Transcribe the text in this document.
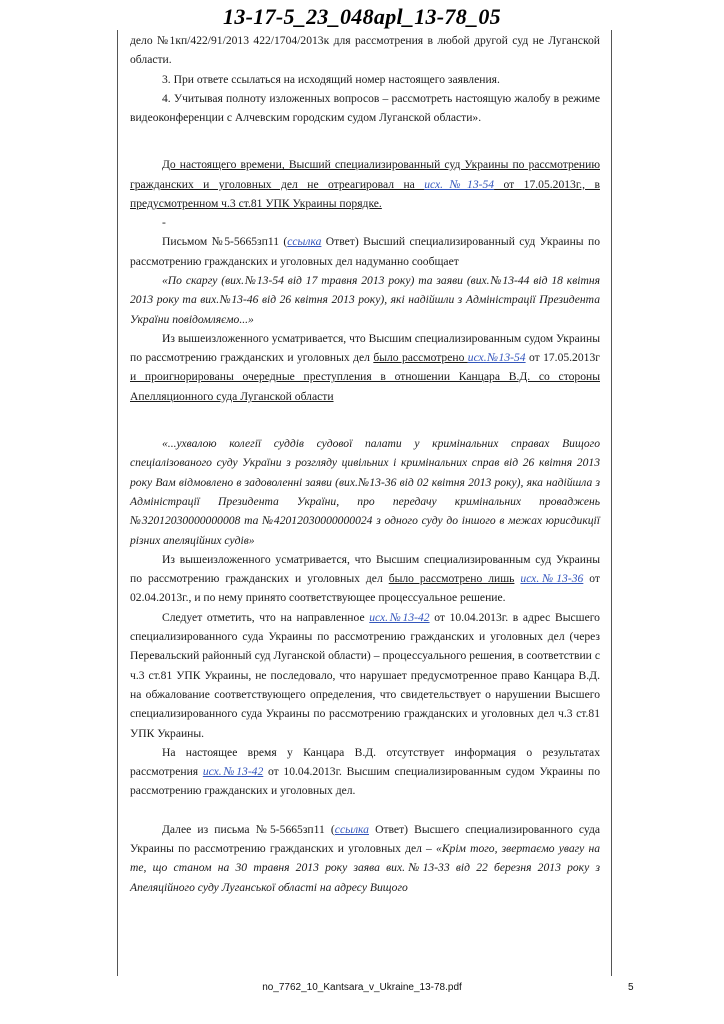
13-17-5_23_048apl_13-78_05

дело №1кп/422/91/2013 422/1704/2013к для рассмотрения в любой другой суд не Луганской области.

3. При ответе ссылаться на исходящий номер настоящего заявления.

4. Учитывая полноту изложенных вопросов – рассмотреть настоящую жалобу в режиме видеоконференции с Алчевским городским судом Луганской области».

До настоящего времени, Высший специализированный суд Украины по рассмотрению гражданских и уголовных дел не отреагировал на исх.№13-54 от 17.05.2013г., в предусмотренном ч.3 ст.81 УПК Украины порядке.

-

Письмом №5-5665зп11 (ссылка Ответ) Высший специализированный суд Украины по рассмотрению гражданских и уголовных дел надуманно сообщает

«По скаргу (вих.№13-54 від 17 травня 2013 року) та заяви (вих.№13-44 від 18 квітня 2013 року та вих.№13-46 від 26 квітня 2013 року), які надійшли з Адміністрації Президента України повідомляємо...»

Из вышеизложенного усматривается, что Высшим специализированным судом Украины по рассмотрению гражданских и уголовных дел было рассмотрено исх.№13-54 от 17.05.2013г и проигнорированы очередные преступления в отношении Канцара В.Д. со стороны Апелляционного суда Луганской области

«...ухвалою колегії суддів судової палати у кримінальних справах Вищого спеціалізованого суду України з розгляду цивільних і кримінальних справ від 26 квітня 2013 року Вам відмовлено в задоволенні заяви (вих.№13-36 від 02 квітня 2013 року), яка надійшла з Адміністрації Президента України, про передачу кримінальних проваджень №32012030000000008 та №42012030000000024 з одного суду до іншого в межах юрисдикції різних апеляційних судів»

Из вышеизложенного усматривается, что Высшим специализированным суд Украины по рассмотрению гражданских и уголовных дел было рассмотрено лишь исх.№13-36 от 02.04.2013г., и по нему принято соответствующее процессуальное решение.

Следует отметить, что на направленное исх.№13-42 от 10.04.2013г. в адрес Высшего специализированного суда Украины по рассмотрению гражданских и уголовных дел (через Перевальский районный суд Луганской области) – процессуального решения, в соответствии с ч.3 ст.81 УПК Украины, не последовало, что нарушает предусмотренное право Канцара В.Д. на обжалование соответствующего определения, что свидетельствует о нарушении Высшего специализированного суда Украины по рассмотрению гражданских и уголовных дел ч.3 ст.81 УПК Украины.

На настоящее время у Канцара В.Д. отсутствует информация о результатах рассмотрения исх.№13-42 от 10.04.2013г. Высшим специализированным судом Украины по рассмотрению гражданских и уголовных дел.

Далее из письма №5-5665зп11 (ссылка Ответ) Высшего специализированного суда Украины по рассмотрению гражданских и уголовных дел – «Крім того, звертаємо увагу на те, що станом на 30 травня 2013 року заява вих.№13-33 від 22 березня 2013 року з Апеляційного суду Луганської області на адресу Вищого

no_7762_10_Kantsara_v_Ukraine_13-78.pdf	5
